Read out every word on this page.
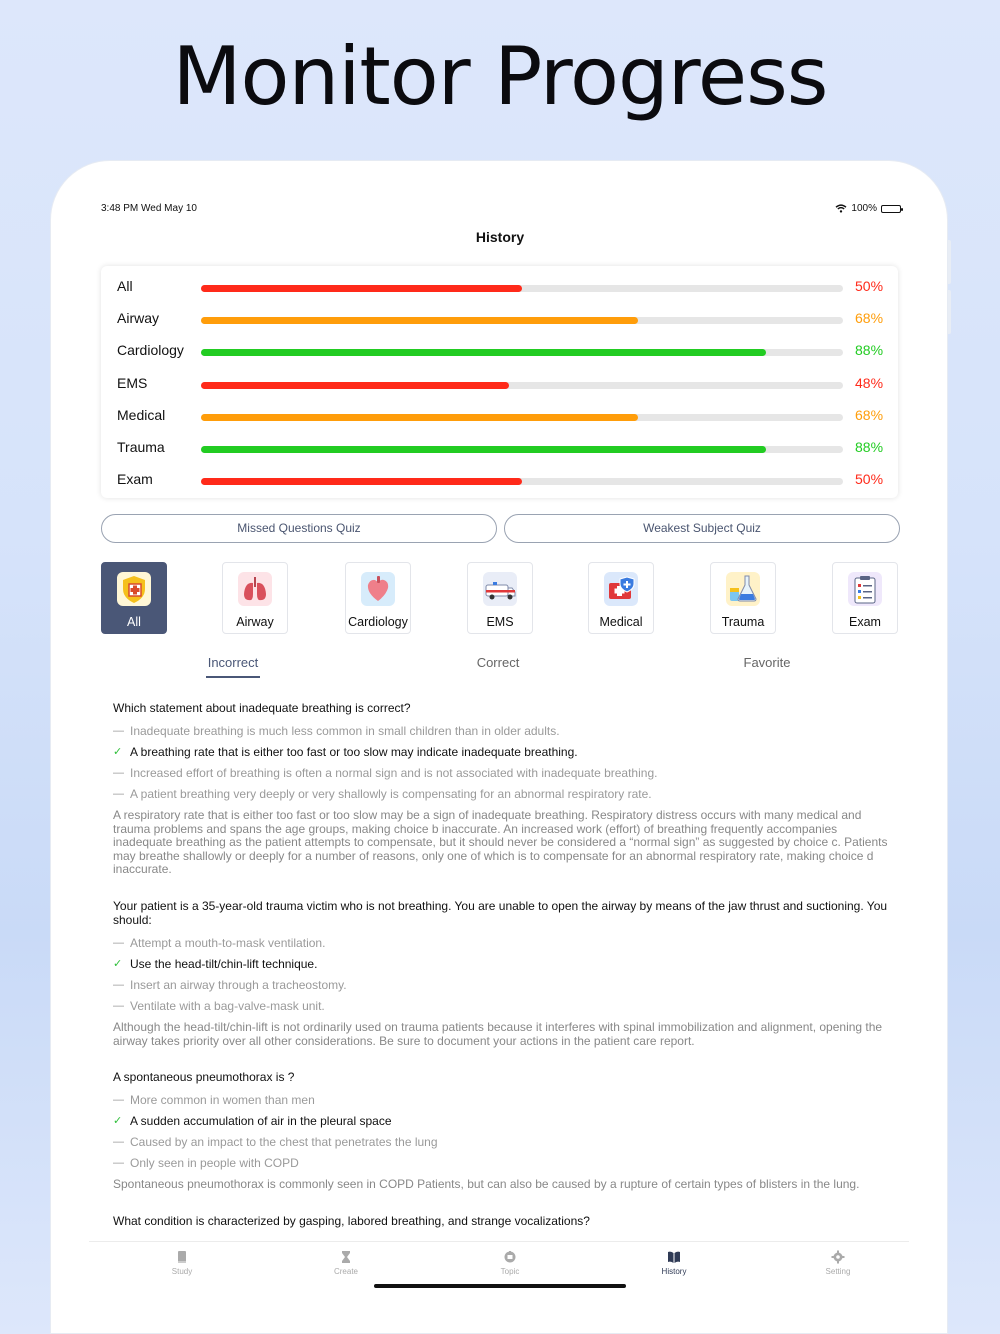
Monitor Progress
3:48 PM Wed May 10	100%
History
All	50%
Airway	68%
Cardiology	88%
EMS	48%
Medical	68%
Trauma	88%
Exam	50%
Missed Questions Quiz	Weakest Subject Quiz
All	Airway	Cardiology	EMS	Medical	Trauma	Exam
Incorrect	Correct	Favorite
Which statement about inadequate breathing is correct?
— Inadequate breathing is much less common in small children than in older adults.
✓ A breathing rate that is either too fast or too slow may indicate inadequate breathing.
— Increased effort of breathing is often a normal sign and is not associated with inadequate breathing.
— A patient breathing very deeply or very shallowly is compensating for an abnormal respiratory rate.
A respiratory rate that is either too fast or too slow may be a sign of inadequate breathing. Respiratory distress occurs with many medical and trauma problems and spans the age groups, making choice b inaccurate. An increased work (effort) of breathing frequently accompanies inadequate breathing as the patient attempts to compensate, but it should never be considered a “normal sign” as suggested by choice c. Patients may breathe shallowly or deeply for a number of reasons, only one of which is to compensate for an abnormal respiratory rate, making choice d inaccurate.
Your patient is a 35-year-old trauma victim who is not breathing. You are unable to open the airway by means of the jaw thrust and suctioning. You should:
— Attempt a mouth-to-mask ventilation.
✓ Use the head-tilt/chin-lift technique.
— Insert an airway through a tracheostomy.
— Ventilate with a bag-valve-mask unit.
Although the head-tilt/chin-lift is not ordinarily used on trauma patients because it interferes with spinal immobilization and alignment, opening the airway takes priority over all other considerations. Be sure to document your actions in the patient care report.
A spontaneous pneumothorax is ?
— More common in women than men
✓ A sudden accumulation of air in the pleural space
— Caused by an impact to the chest that penetrates the lung
— Only seen in people with COPD
Spontaneous pneumothorax is commonly seen in COPD Patients, but can also be caused by a rupture of certain types of blisters in the lung.
What condition is characterized by gasping, labored breathing, and strange vocalizations?
Study	Create	Topic	History	Setting
